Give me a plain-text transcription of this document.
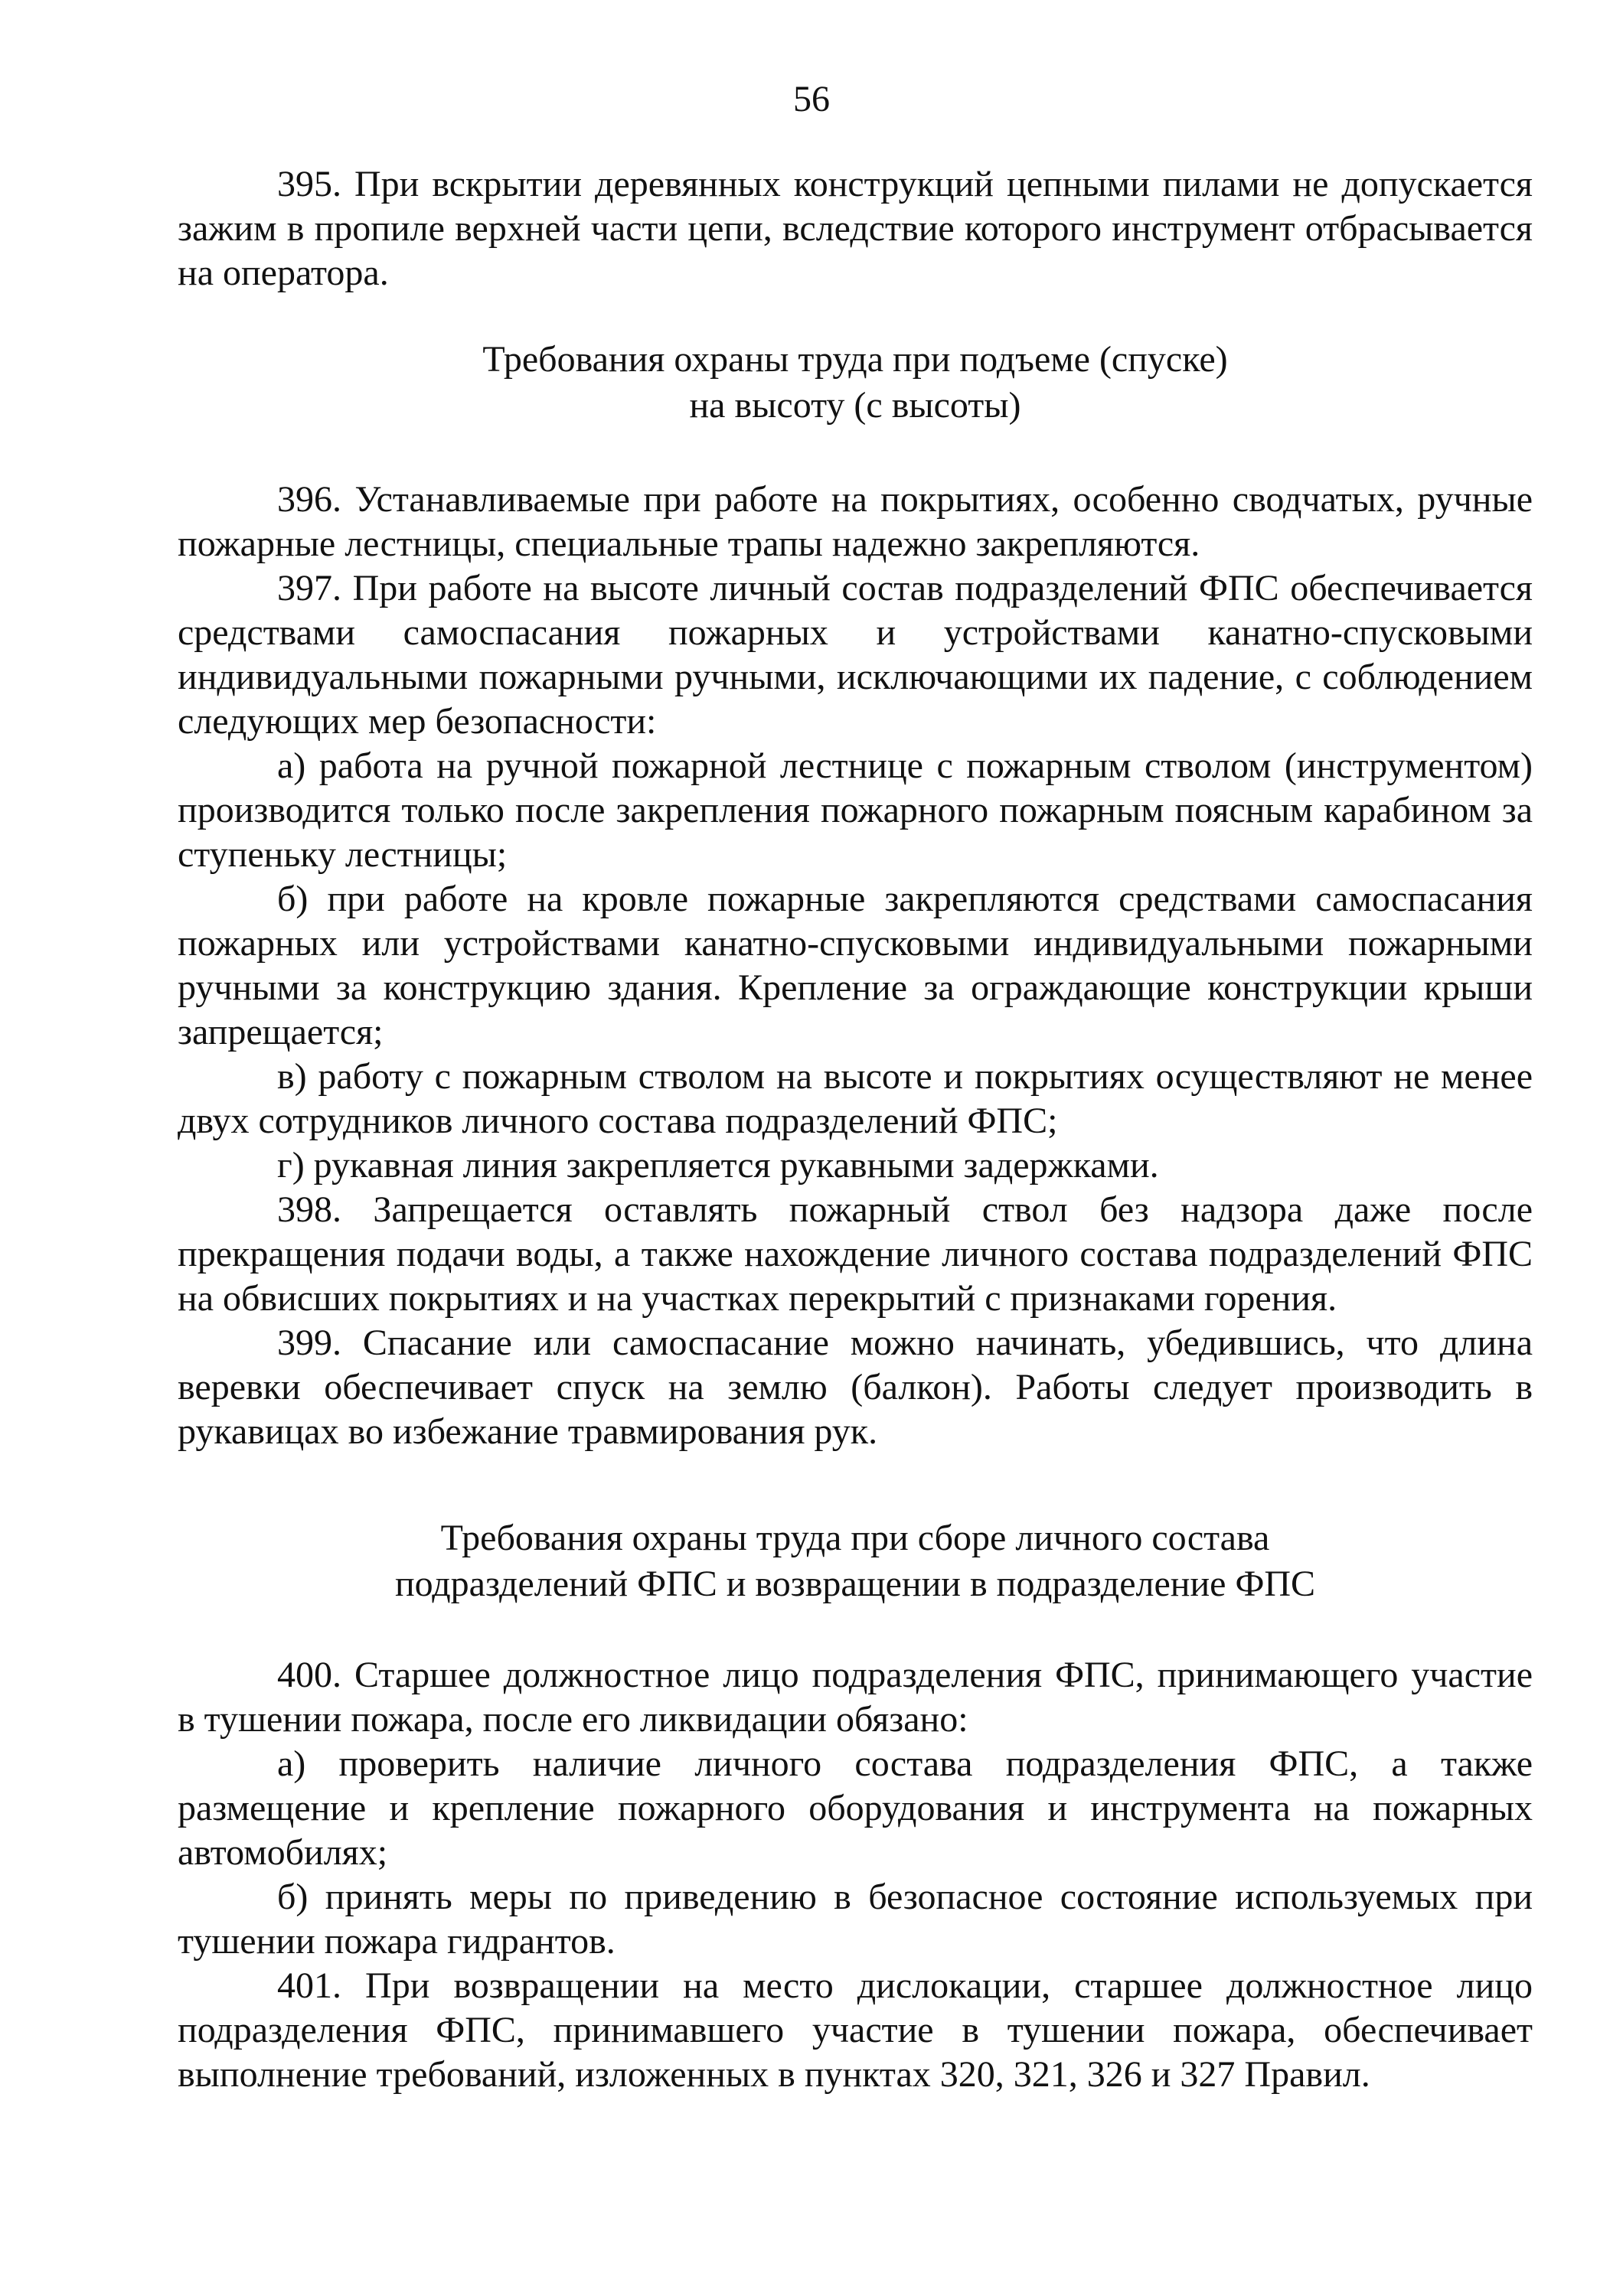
56

395. При вскрытии деревянных конструкций цепными пилами не допускается зажим в пропиле верхней части цепи, вследствие которого инструмент отбрасывается на оператора.

Требования охраны труда при подъеме (спуске)
на высоту (с высоты)

396. Устанавливаемые при работе на покрытиях, особенно сводчатых, ручные пожарные лестницы, специальные трапы надежно закрепляются.

397. При работе на высоте личный состав подразделений ФПС обеспечивается средствами самоспасания пожарных и устройствами канатно-спусковыми индивидуальными пожарными ручными, исключающими их падение, с соблюдением следующих мер безопасности:

а) работа на ручной пожарной лестнице с пожарным стволом (инструментом) производится только после закрепления пожарного пожарным поясным карабином за ступеньку лестницы;

б) при работе на кровле пожарные закрепляются средствами самоспасания пожарных или устройствами канатно-спусковыми индивидуальными пожарными ручными за конструкцию здания. Крепление за ограждающие конструкции крыши запрещается;

в) работу с пожарным стволом на высоте и покрытиях осуществляют не менее двух сотрудников личного состава подразделений ФПС;

г) рукавная линия закрепляется рукавными задержками.

398. Запрещается оставлять пожарный ствол без надзора даже после прекращения подачи воды, а также нахождение личного состава подразделений ФПС на обвисших покрытиях и на участках перекрытий с признаками горения.

399. Спасание или самоспасание можно начинать, убедившись, что длина веревки обеспечивает спуск на землю (балкон). Работы следует производить в рукавицах во избежание травмирования рук.

Требования охраны труда при сборе личного состава
подразделений ФПС и возвращении в подразделение ФПС

400. Старшее должностное лицо подразделения ФПС, принимающего участие в тушении пожара, после его ликвидации обязано:

а) проверить наличие личного состава подразделения ФПС, а также размещение и крепление пожарного оборудования и инструмента на пожарных автомобилях;

б) принять меры по приведению в безопасное состояние используемых при тушении пожара гидрантов.

401. При возвращении на место дислокации, старшее должностное лицо подразделения ФПС, принимавшего участие в тушении пожара, обеспечивает выполнение требований, изложенных в пунктах 320, 321, 326 и 327 Правил.
